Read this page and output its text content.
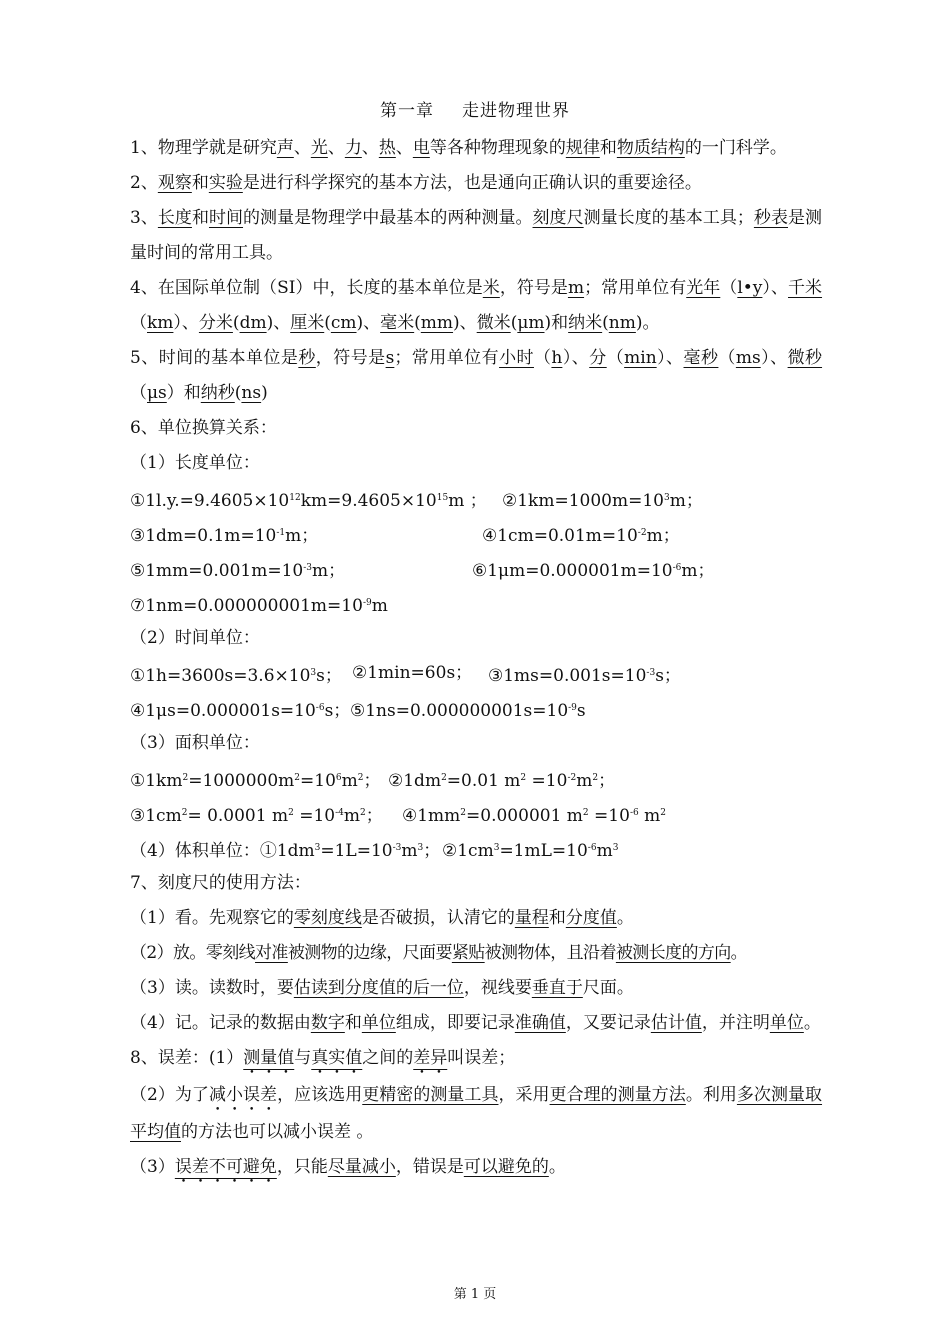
第一章 走进物理世界

1、物理学就是研究声、光、力、热、电等各种物理现象的规律和物质结构的一门科学。

2、观察和实验是进行科学探究的基本方法，也是通向正确认识的重要途径。

3、长度和时间的测量是物理学中最基本的两种测量。刻度尺测量长度的基本工具；秒表是测量时间的常用工具。

4、在国际单位制（SI）中，长度的基本单位是米，符号是m；常用单位有光年（l•y）、千米（km）、分米(dm)、厘米(cm)、毫米(mm)、微米(μm)和纳米(nm)。

5、时间的基本单位是秒，符号是s；常用单位有小时（h）、分（min）、毫秒（ms）、微秒（μs）和纳秒(ns)

6、单位换算关系：

（1）长度单位：

$①1l.y.=9.4605\times 10^{12}km=9.4605\times 10^{15}m$ ； $②1km=1000m=10^3m$；
$③1dm=0.1m=10^{-1}m$；	$④1cm=0.01m=10^{-2}m$；
$⑤1mm=0.001m=10^{-3}m$；	$⑥1\mu m=0.000001m=10^{-6}m$；
$⑦1nm=0.000000001m=10^{-9}m$

（2）时间单位：

$①1h=3600s=3.6\times 10^3s$； ②1min=60s； $③1ms=0.001s=10^{-3}s$；
$④1\mu s=0.000001s=10^{-6}s$； $⑤1ns=0.000000001s=10^{-9}s$

（3）面积单位：

$①1km^2=1000000m^2=10^6m^2$； $②1dm^2=0.01$ $m^2 =10^{-2}m^2$；
$③1cm^2= 0.0001$ $m^2 =10^{-4}m^2$； $④1mm^2=0.000001$ $m^2 =10^{-6}$ $m^2$
（4）体积单位：$①1dm^3=1L=10^{-3}m^3$； $②1cm^3=1mL=10^{-6}m^3$

7、刻度尺的使用方法：

（1）看。先观察它的零刻度线是否破损，认清它的量程和分度值。

（2）放。零刻线对准被测物的边缘，尺面要紧贴被测物体，且沿着被测长度的方向。

（3）读。读数时，要估读到分度值的后一位，视线要垂直于尺面。

（4）记。记录的数据由数字和单位组成，即要记录准确值，又要记录估计值，并注明单位。

8、误差：(1）测量值与真实值之间的差异叫误差；

（2）为了减小误差，应该选用更精密的测量工具，采用更合理的测量方法。利用多次测量取平均值的方法也可以减小误差 。

（3）误差不可避免，只能尽量减小，错误是可以避免的。

第 1 页
